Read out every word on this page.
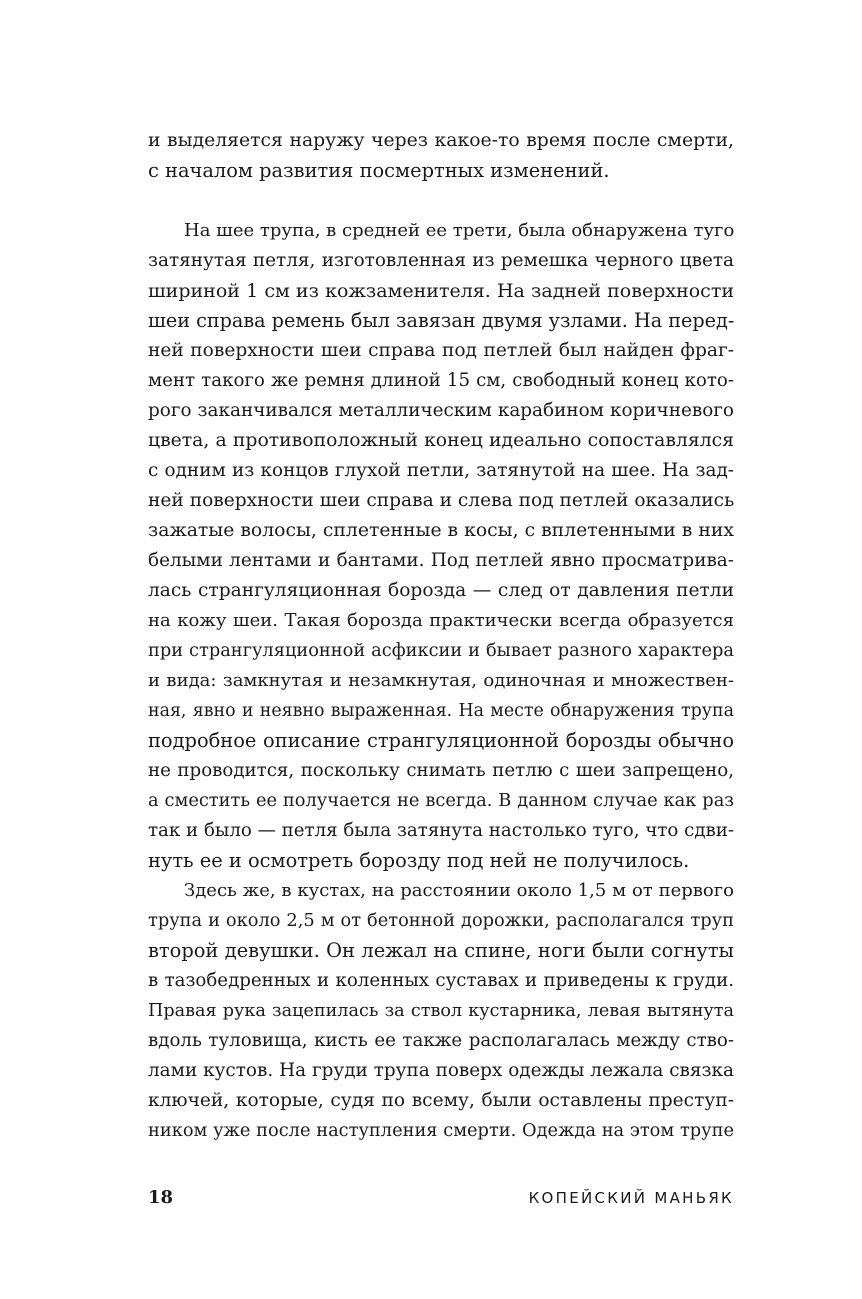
и выделяется наружу через какое-то время после смерти,
с началом развития посмертных изменений.
На шее трупа, в средней ее трети, была обнаружена туго
затянутая петля, изготовленная из ремешка черного цвета
шириной 1 см из кожзаменителя. На задней поверхности
шеи справа ремень был завязан двумя узлами. На перед-
ней поверхности шеи справа под петлей был найден фраг-
мент такого же ремня длиной 15 см, свободный конец кото-
рого заканчивался металлическим карабином коричневого
цвета, а противоположный конец идеально сопоставлялся
с одним из концов глухой петли, затянутой на шее. На зад-
ней поверхности шеи справа и слева под петлей оказались
зажатые волосы, сплетенные в косы, с вплетенными в них
белыми лентами и бантами. Под петлей явно просматрива-
лась странгуляционная борозда — след от давления петли
на кожу шеи. Такая борозда практически всегда образуется
при странгуляционной асфиксии и бывает разного характера
и вида: замкнутая и незамкнутая, одиночная и множествен-
ная, явно и неявно выраженная. На месте обнаружения трупа
подробное описание странгуляционной борозды обычно
не проводится, поскольку снимать петлю с шеи запрещено,
а сместить ее получается не всегда. В данном случае как раз
так и было — петля была затянута настолько туго, что сдви-
нуть ее и осмотреть борозду под ней не получилось.
Здесь же, в кустах, на расстоянии около 1,5 м от первого
трупа и около 2,5 м от бетонной дорожки, располагался труп
второй девушки. Он лежал на спине, ноги были согнуты
в тазобедренных и коленных суставах и приведены к груди.
Правая рука зацепилась за ствол кустарника, левая вытянута
вдоль туловища, кисть ее также располагалась между ство-
лами кустов. На груди трупа поверх одежды лежала связка
ключей, которые, судя по всему, были оставлены преступ-
ником уже после наступления смерти. Одежда на этом трупе
18	КОПЕЙСКИЙ МАНЬЯК
